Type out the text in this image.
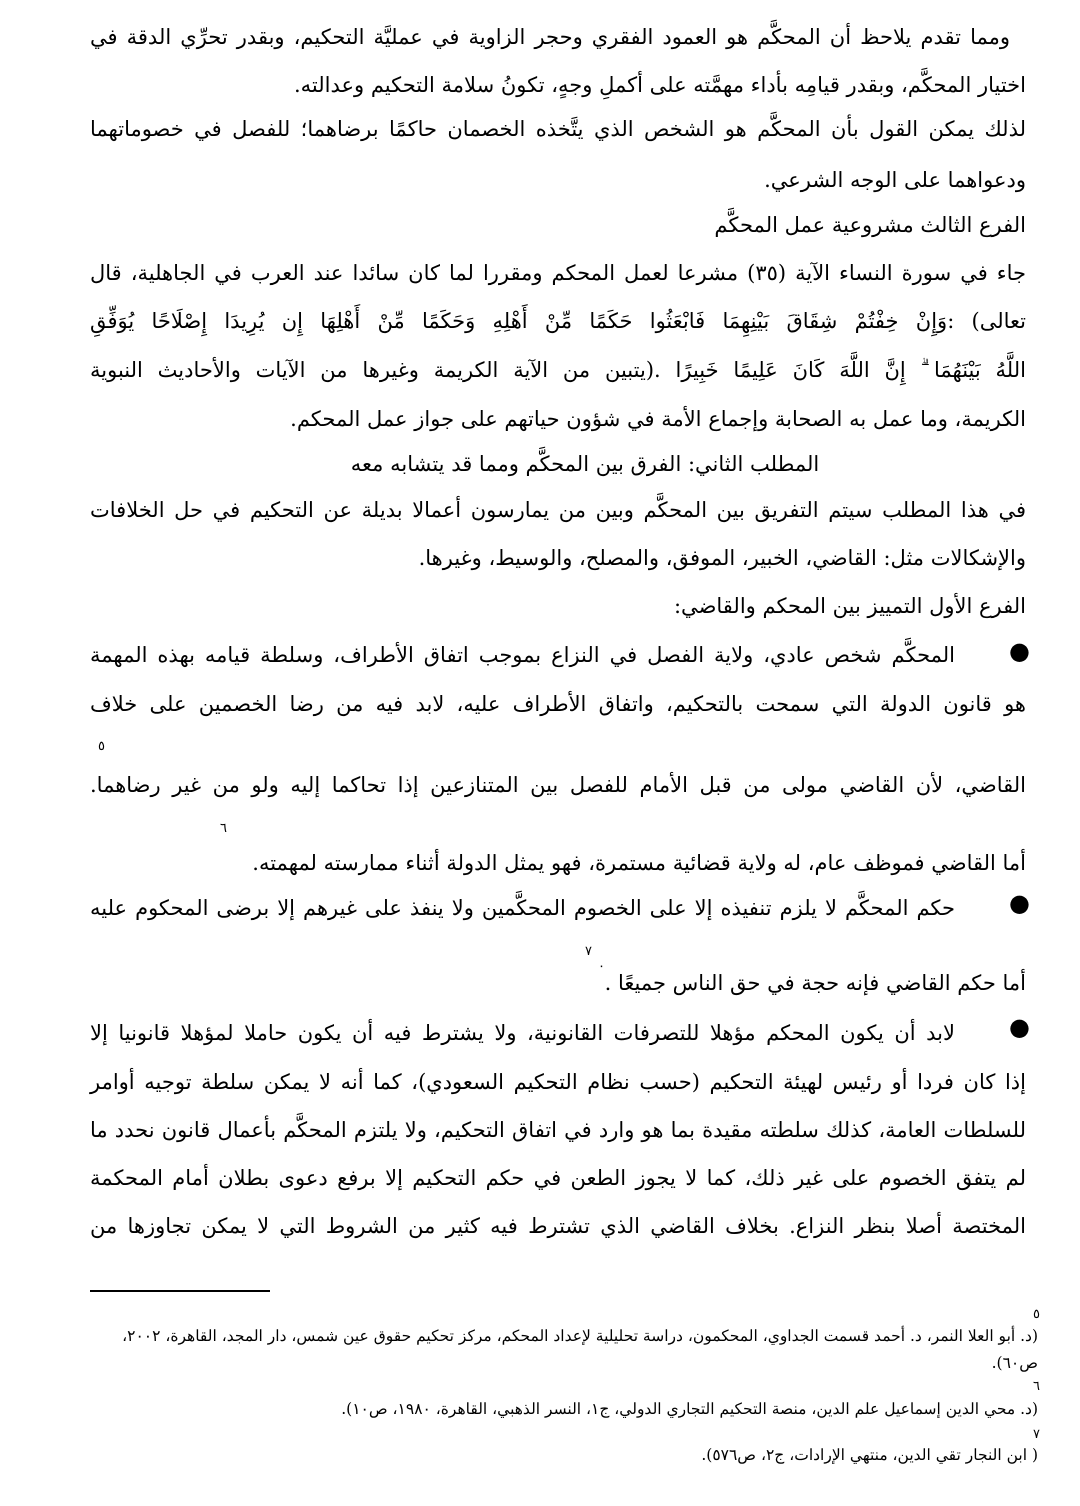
ومما تقدم يلاحظ أن المحكَّم هو العمود الفقري وحجر الزاوية في عمليَّة التحكيم، وبقدر تحرِّي الدقة في
اختيار المحكَّم، وبقدر قيامِه بأداء مهمَّته على أكملِ وجهٍ، تكونُ سلامة التحكيم وعدالته.
لذلك يمكن القول بأن المحكَّم هو الشخص الذي يتَّخذه الخصمان حاكمًا برضاهما؛ للفصل في خصوماتهما
ودعواهما على الوجه الشرعي.
الفرع الثالث مشروعية عمل المحكَّم
جاء في سورة النساء الآية (٣٥) مشرعا لعمل المحكم ومقررا لما كان سائدا عند العرب في الجاهلية، قال
تعالى) :وَإِنْ خِفْتُمْ شِقَاقَ بَيْنِهِمَا فَابْعَثُوا حَكَمًا مِّنْ أَهْلِهِ وَحَكَمًا مِّنْ أَهْلِهَا إِن يُرِيدَا إِصْلَاحًا يُوَفِّقِ
اللَّهُ بَيْنَهُمَا ۗ إِنَّ اللَّهَ كَانَ عَلِيمًا خَبِيرًا .(يتبين من الآية الكريمة وغيرها من الآيات والأحاديث النبوية
الكريمة، وما عمل به الصحابة وإجماع الأمة في شؤون حياتهم على جواز عمل المحكم.
المطلب الثاني: الفرق بين المحكَّم ومما قد يتشابه معه
في هذا المطلب سيتم التفريق بين المحكَّم وبين من يمارسون أعمالا بديلة عن التحكيم في حل الخلافات
والإشكالات مثل: القاضي، الخبير، الموفق، والمصلح، والوسيط، وغيرها.
الفرع الأول التمييز بين المحكم والقاضي:
●
المحكَّم شخص عادي، ولاية الفصل في النزاع بموجب اتفاق الأطراف، وسلطة قيامه بهذه المهمة
هو قانون الدولة التي سمحت بالتحكيم، واتفاق الأطراف عليه، لابد فيه من رضا الخصمين على خلاف
٥
القاضي، لأن القاضي مولى من قبل الأمام للفصل بين المتنازعين إذا تحاكما إليه ولو من غير رضاهما.
٦
أما القاضي فموظف عام، له ولاية قضائية مستمرة، فهو يمثل الدولة أثناء ممارسته لمهمته.
●
حكم المحكَّم لا يلزم تنفيذه إلا على الخصوم المحكَّمين ولا ينفذ على غيرهم إلا برضى المحكوم عليه
٧
أما حكم القاضي فإنه حجة في حق الناس جميعًا .
٠
●
لابد أن يكون المحكم مؤهلا للتصرفات القانونية، ولا يشترط فيه أن يكون حاملا لمؤهلا قانونيا إلا
إذا كان فردا أو رئيس لهيئة التحكيم (حسب نظام التحكيم السعودي)، كما أنه لا يمكن سلطة توجيه أوامر
للسلطات العامة، كذلك سلطته مقيدة بما هو وارد في اتفاق التحكيم، ولا يلتزم المحكَّم بأعمال قانون نحدد ما
لم يتفق الخصوم على غير ذلك، كما لا يجوز الطعن في حكم التحكيم إلا برفع دعوى بطلان أمام المحكمة
المختصة أصلا بنظر النزاع. بخلاف القاضي الذي تشترط فيه كثير من الشروط التي لا يمكن تجاوزها من
٥
(د. أبو العلا النمر، د. أحمد قسمت الجداوي، المحكمون، دراسة تحليلية لإعداد المحكم، مركز تحكيم حقوق عين شمس، دار المجد، القاهرة، ٢٠٠٢،
ص٦٠).
٦
(د. محي الدين إسماعيل علم الدين، منصة التحكيم التجاري الدولي، ج١، النسر الذهبي، القاهرة، ١٩٨٠، ص١٠).
٧
( ابن النجار تقي الدين، منتهي الإرادات، ج٢، ص٥٧٦).
